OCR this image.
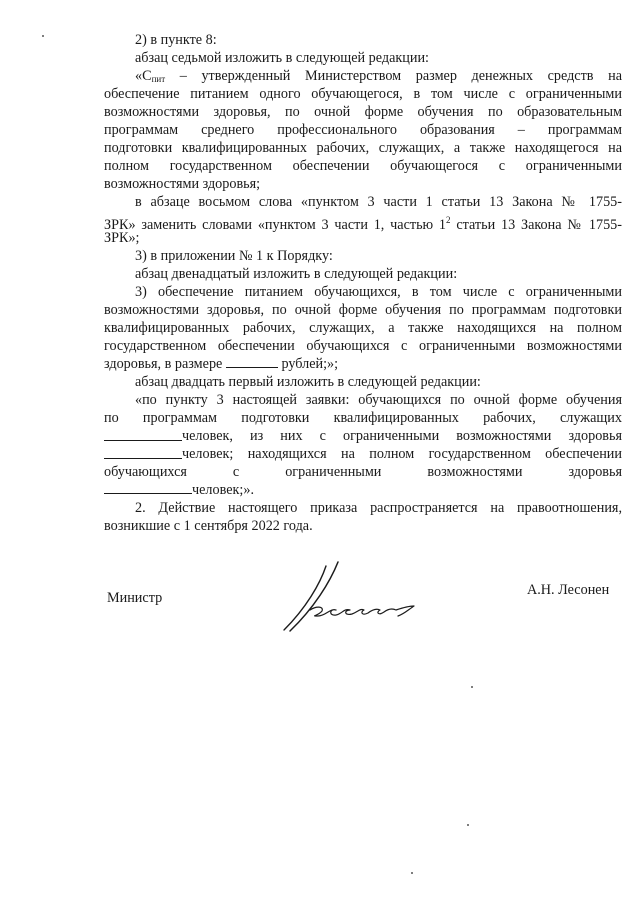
2) в пункте 8:
абзац седьмой изложить в следующей редакции:
«$С_{пит}$ – утвержденный Министерством размер денежных средств на
обеспечение питанием одного обучающегося, в том числе с ограниченными
возможностями здоровья, по очной форме обучения по образовательным
программам среднего профессионального образования – программам
подготовки квалифицированных рабочих, служащих, а также находящегося на
полном государственном обеспечении обучающегося с ограниченными
возможностями здоровья;
в абзаце восьмом слова «пунктом 3 части 1 статьи 13 Закона № 1755-
ЗРК» заменить словами «пунктом 3 части 1, частью $1^2$ статьи 13 Закона № 1755-
ЗРК»;
3) в приложении № 1 к Порядку:
абзац двенадцатый изложить в следующей редакции:
3) обеспечение питанием обучающихся, в том числе с ограниченными
возможностями здоровья, по очной форме обучения по программам подготовки
квалифицированных рабочих, служащих, а также находящихся на полном
государственном обеспечении обучающихся с ограниченными возможностями
здоровья, в размере	рублей;»;
абзац двадцать первый изложить в следующей редакции:
«по пункту 3 настоящей заявки: обучающихся по очной форме обучения
по программам подготовки квалифицированных рабочих, служащих
человек, из них с ограниченными возможностями здоровья
человек; находящихся на полном государственном обеспечении
обучающихся с ограниченными возможностями здоровья
человек;».
2. Действие настоящего приказа распространяется на правоотношения,
возникшие с 1 сентября 2022 года.
Министр	А.Н. Лесонен
